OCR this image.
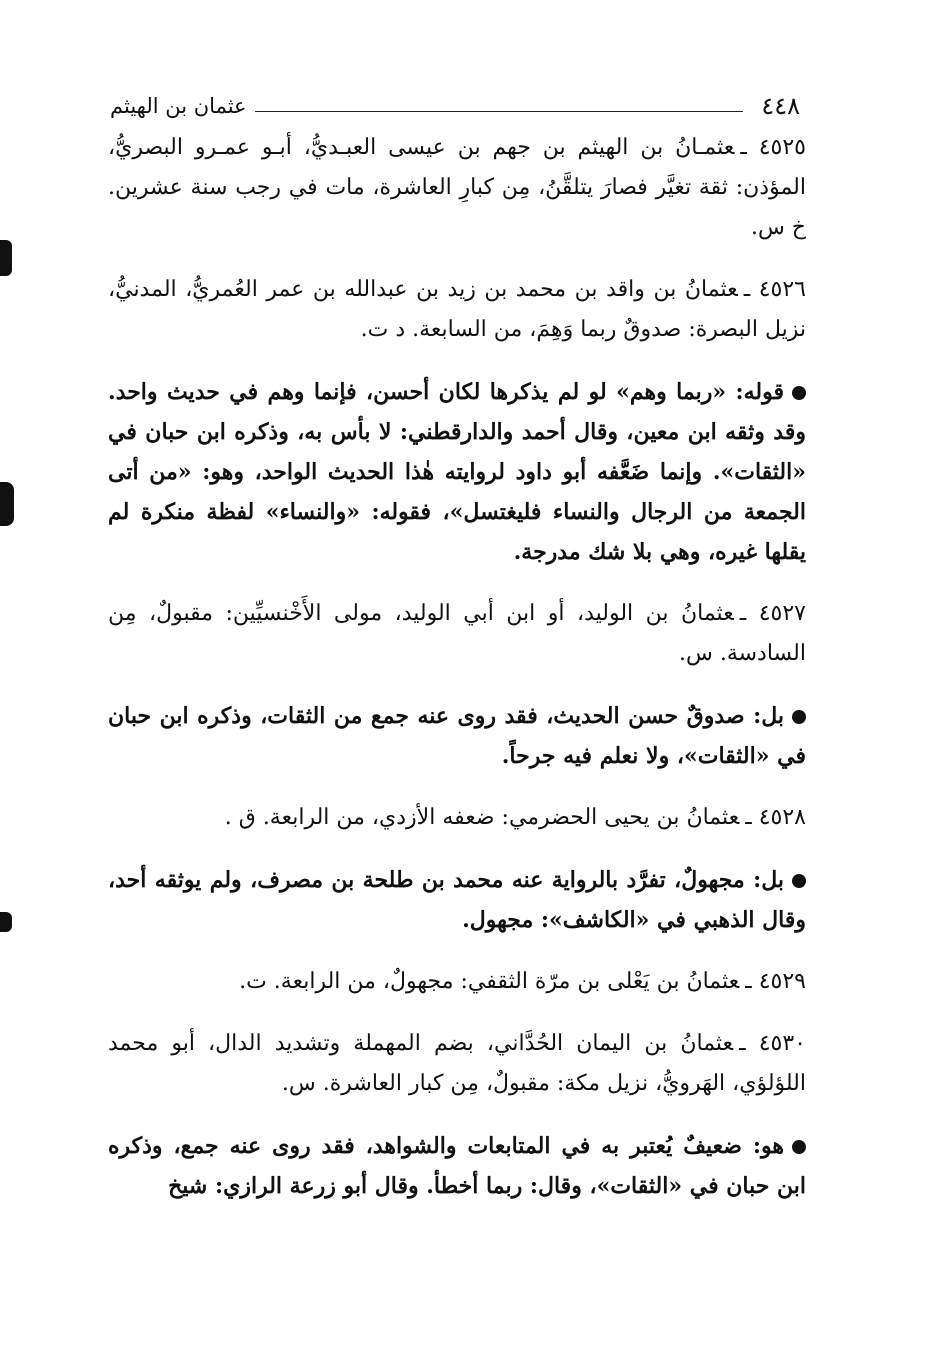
٤٤٨
عثمان بن الهيثم

٤٥٢٥ ـعثمـانُ بن الهيثم بن جهم بن عيسى العبـديُّ، أبـو عمـرو البصريُّ، المؤذن: ثقة تغيَّر فصارَ يتلقَّنُ، مِن كبارِ العاشرة، مات في رجب سنة عشرين. خ س.

٤٥٢٦ ـعثمانُ بن واقد بن محمد بن زيد بن عبدالله بن عمر العُمريُّ، المدنيُّ، نزيل البصرة: صدوقٌ ربما وَهِمَ، من السابعة. د ت.

قوله: «ربما وهم» لو لم يذكرها لكان أحسن، فإنما وهم في حديث واحد. وقد وثقه ابن معين، وقال أحمد والدارقطني: لا بأس به، وذكره ابن حبان في «الثقات». وإنما ضَعَّفه أبو داود لروايته هٰذا الحديث الواحد، وهو: «من أتى الجمعة من الرجال والنساء فليغتسل»، فقوله: «والنساء» لفظة منكرة لم يقلها غيره، وهي بلا شك مدرجة.

٤٥٢٧ ـعثمانُ بن الوليد، أو ابن أبي الوليد، مولى الأَخْنسيِّين: مقبولٌ، مِن السادسة. س.

بل: صدوقٌ حسن الحديث، فقد روى عنه جمع من الثقات، وذكره ابن حبان في «الثقات»، ولا نعلم فيه جرحاً.

٤٥٢٨ ـعثمانُ بن يحيى الحضرمي: ضعفه الأزدي، من الرابعة. ق .

بل: مجهولٌ، تفرَّد بالرواية عنه محمد بن طلحة بن مصرف، ولم يوثقه أحد، وقال الذهبي في «الكاشف»: مجهول.

٤٥٢٩ ـعثمانُ بن يَعْلى بن مرّة الثقفي: مجهولٌ، من الرابعة. ت.

٤٥٣٠ ـعثمانُ بن اليمان الحُدَّاني، بضم المهملة وتشديد الدال، أبو محمد اللؤلؤي، الهَرويُّ، نزيل مكة: مقبولٌ، مِن كبار العاشرة. س.

هو: ضعيفٌ يُعتبر به في المتابعات والشواهد، فقد روى عنه جمع، وذكره ابن حبان في «الثقات»، وقال: ربما أخطأ. وقال أبو زرعة الرازي: شيخ
